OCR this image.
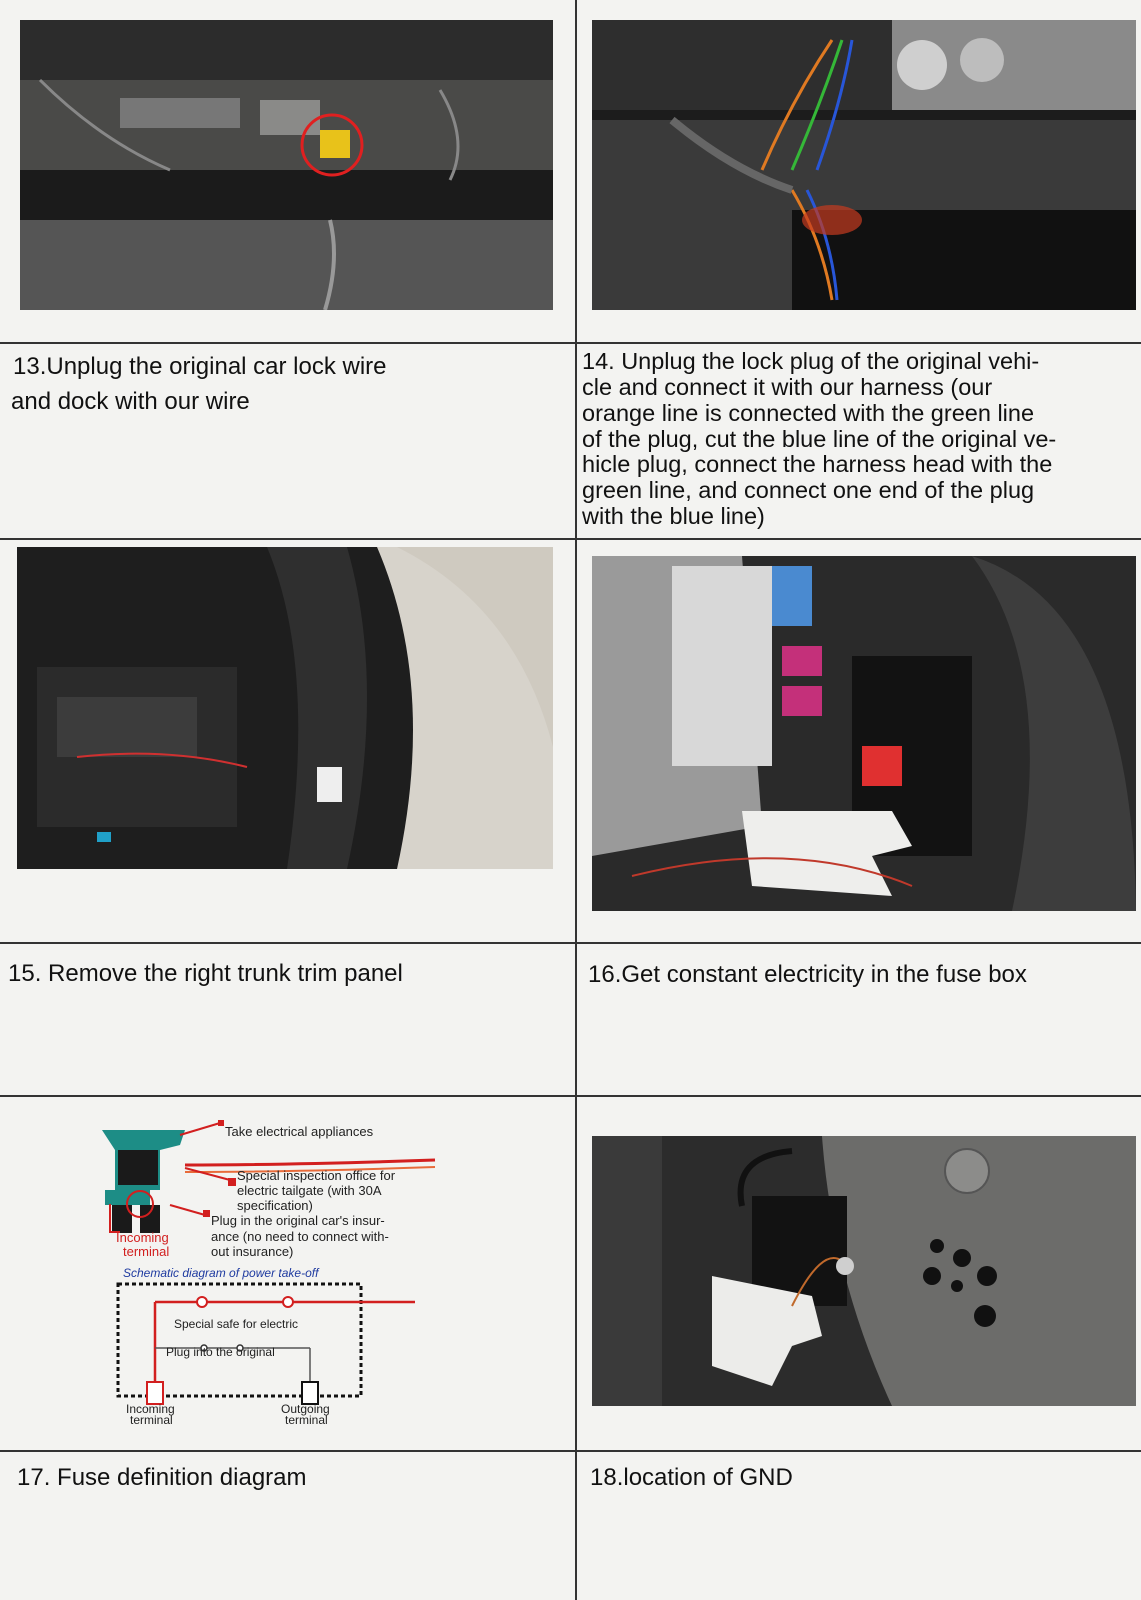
13.Unplug the original car lock wire
and dock with our wire
14. Unplug the lock plug of the original vehi-
cle and connect it with our harness (our
orange line is connected with the green line
of the plug, cut the blue line of the original ve-
hicle plug, connect the harness head with the
green line, and connect one end of the plug
with the blue line)
15. Remove the right trunk trim panel	16.Get constant electricity in the fuse box
Take electrical appliances
Special inspection office for
electric tailgate (with 30A
specification)
Plug in the original car's insur-
ance (no need to connect with-
out insurance)
Incoming
terminal
Schematic diagram of power take-off
Special safe for electric
Plug into the original
Incoming
terminal
Outgoing
terminal
17. Fuse definition diagram	18.location of GND
